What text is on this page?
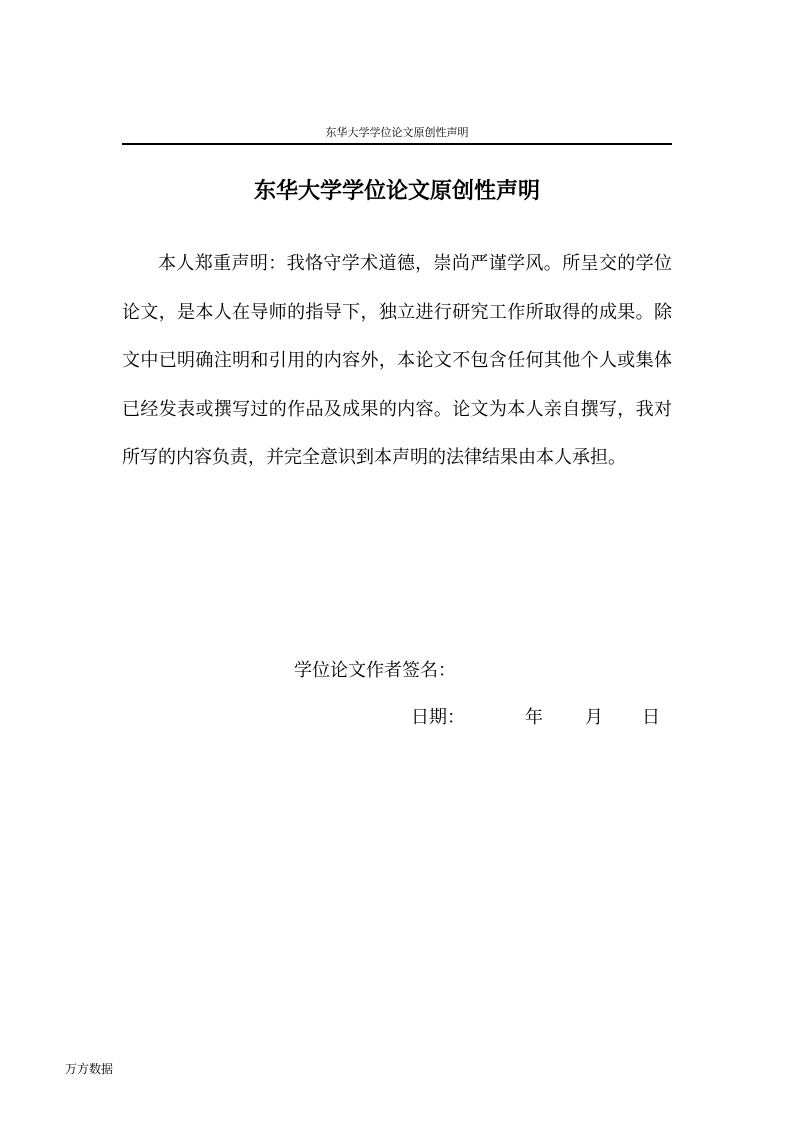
东华大学学位论文原创性声明
东华大学学位论文原创性声明

本人郑重声明：我恪守学术道德，崇尚严谨学风。所呈交的学位论文，是本人在导师的指导下，独立进行研究工作所取得的成果。除文中已明确注明和引用的内容外，本论文不包含任何其他个人或集体已经发表或撰写过的作品及成果的内容。论文为本人亲自撰写，我对所写的内容负责，并完全意识到本声明的法律结果由本人承担。

学位论文作者签名：
日期：	年 月 日
万方数据
